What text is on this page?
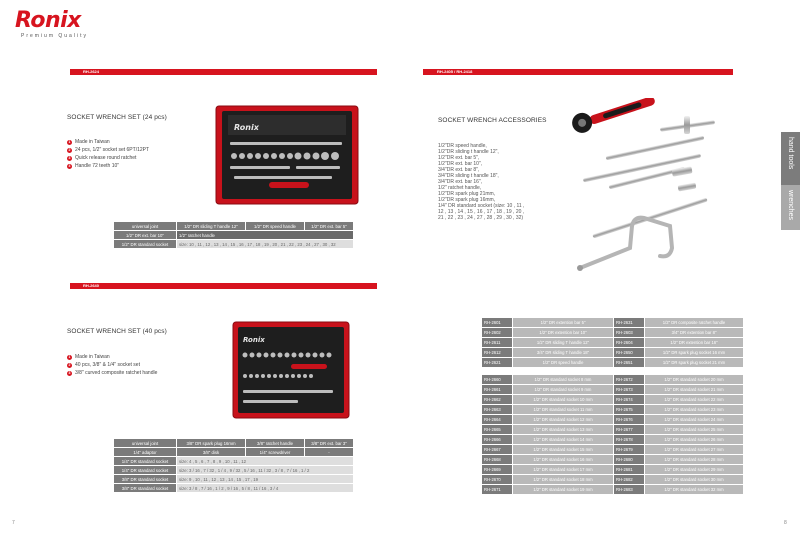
Ronix
Premium Quality
RH-2624
SOCKET WRENCH SET (24 pcs)
1 Made in Taiwan
2 24 pcs, 1/2" socket set 6PT/12PT
3 Quick release round ratchet
4 Handle 72 teeth 10"
Ronix
universal joint	1/2" DR sliding T handle 12"	1/2" DR speed handle	1/2" DR ext. bar 5"
1/2" DR ext. bar 10"	1/2" ratchet handle		
1/2" DR standard socket	size: 10 , 11 , 12 , 13 , 14 , 15 , 16 , 17 , 18 , 19 , 20 , 21 , 22 , 23 , 24 , 27 , 30 , 32		
RH-2640
SOCKET WRENCH SET (40 pcs)
1 Made in Taiwan
2 40 pcs, 3/8" & 1/4" socket set
3 3/8" curved composite ratchet handle
Ronix
universal joint	3/8" DR spark plug 16mm	3/8" ratchet handle	3/8" DR ext. bar 3"
1/4" adaptor	3/8" disk	1/4" screwdriver	-
1/4" DR standard socket	size: 4 , 5 , 6 , 7 , 8 , 9 , 10 , 11 , 12		
1/4" DR standard socket	size: 3 / 16 , 7 / 32 , 1 / 4 , 9 / 32 , 5 / 16 , 11 / 32 , 3 / 8 , 7 / 16 , 1 / 2		
3/8" DR standard socket	size: 9 , 10 , 11 , 12 , 13 , 14 , 15 , 17 , 19		
3/8" DR standard socket	size: 3 / 8 , 7 / 16 , 1 / 2 , 9 / 16 , 5 / 8 , 11 / 16 , 3 / 4		
7
RH-2405 / RH-2418
SOCKET WRENCH ACCESSORIES
1/2"DR speed handle,
1/2"DR sliding t handle 12",
1/2"DR ext. bar 5",
1/2"DR ext. bar 10",
3/4"DR ext. bar 8",
3/4"DR sliding t handle 18",
3/4"DR ext. bar 16",
1/2" ratchet handle,
1/2"DR spark plug 21mm,
1/2"DR spark plug 16mm,
1/4" DR standard socket (size: 10 , 11 ,
12 , 13 , 14 , 15 , 16 , 17 , 18 , 19 , 20 ,
21 , 22 , 23 , 24 , 27 , 28 , 29 , 30 , 32)
RH-2601	1/2" DR extention bar 5"	RH-2631	1/2" DR composite ratchet handle
RH-2602	1/2" DR extention bar 10"	RH-2603	3/4" DR extention bar 8"
RH-2611	1/2" DR sliding T handle 12"	RH-2604	1/2" DR extention bar 16"
RH-2612	3/4" DR sliding T handle 18"	RH-2650	1/2" DR spark plug socket 16 mm
RH-2621	1/2" DR speed handle	RH-2651	1/2" DR spark plug socket 21 mm
RH-2660	1/2" DR standard socket 8 mm	RH-2672	1/2" DR standard socket 20 mm
RH-2661	1/2" DR standard socket 9 mm	RH-2673	1/2" DR standard socket 21 mm
RH-2662	1/2" DR standard socket 10 mm	RH-2674	1/2" DR standard socket 22 mm
RH-2663	1/2" DR standard socket 11 mm	RH-2675	1/2" DR standard socket 23 mm
RH-2664	1/2" DR standard socket 12 mm	RH-2676	1/2" DR standard socket 24 mm
RH-2665	1/2" DR standard socket 13 mm	RH-2677	1/2" DR standard socket 25 mm
RH-2666	1/2" DR standard socket 14 mm	RH-2678	1/2" DR standard socket 26 mm
RH-2667	1/2" DR standard socket 15 mm	RH-2679	1/2" DR standard socket 27 mm
RH-2668	1/2" DR standard socket 16 mm	RH-2680	1/2" DR standard socket 28 mm
RH-2669	1/2" DR standard socket 17 mm	RH-2681	1/2" DR standard socket 29 mm
RH-2670	1/2" DR standard socket 18 mm	RH-2682	1/2" DR standard socket 30 mm
RH-2671	1/2" DR standard socket 19 mm	RH-2683	1/2" DR standard socket 32 mm
hand tools
wrenches
8
